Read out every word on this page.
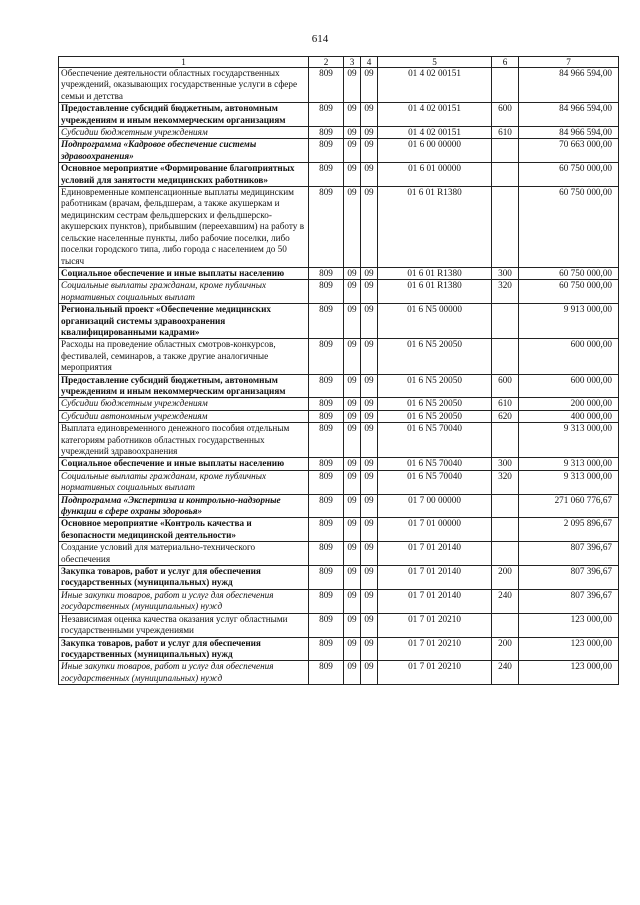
614
1	2	3	4	5	6	7
Обеспечение деятельности областных государственных учреждений, оказывающих государственные услуги в сфере семьи и детства	809	09	09	01 4 02 00151		84 966 594,00
Предоставление субсидий бюджетным, автономным учреждениям и иным некоммерческим организациям	809	09	09	01 4 02 00151	600	84 966 594,00
Субсидии бюджетным учреждениям	809	09	09	01 4 02 00151	610	84 966 594,00
Подпрограмма «Кадровое обеспечение системы здравоохранения»	809	09	09	01 6 00 00000		70 663 000,00
Основное мероприятие «Формирование благоприятных условий для занятости медицинских работников»	809	09	09	01 6 01 00000		60 750 000,00
Единовременные компенсационные выплаты медицинским работникам (врачам, фельдшерам, а также акушеркам и медицинским сестрам фельдшерских и фельдшерско-акушерских пунктов), прибывшим (переехавшим) на работу в сельские населенные пункты, либо рабочие поселки, либо поселки городского типа, либо города с населением до 50 тысяч	809	09	09	01 6 01 R1380		60 750 000,00
Социальное обеспечение и иные выплаты населению	809	09	09	01 6 01 R1380	300	60 750 000,00
Социальные выплаты гражданам, кроме публичных нормативных социальных выплат	809	09	09	01 6 01 R1380	320	60 750 000,00
Региональный проект «Обеспечение медицинских организаций системы здравоохранения квалифицированными кадрами»	809	09	09	01 6 N5 00000		9 913 000,00
Расходы на проведение областных смотров-конкурсов, фестивалей, семинаров, а также другие аналогичные мероприятия	809	09	09	01 6 N5 20050		600 000,00
Предоставление субсидий бюджетным, автономным учреждениям и иным некоммерческим организациям	809	09	09	01 6 N5 20050	600	600 000,00
Субсидии бюджетным учреждениям	809	09	09	01 6 N5 20050	610	200 000,00
Субсидии автономным учреждениям	809	09	09	01 6 N5 20050	620	400 000,00
Выплата единовременного денежного пособия отдельным категориям работников областных государственных учреждений здравоохранения	809	09	09	01 6 N5 70040		9 313 000,00
Социальное обеспечение и иные выплаты населению	809	09	09	01 6 N5 70040	300	9 313 000,00
Социальные выплаты гражданам, кроме публичных нормативных социальных выплат	809	09	09	01 6 N5 70040	320	9 313 000,00
Подпрограмма «Экспертиза и контрольно-надзорные функции в сфере охраны здоровья»	809	09	09	01 7 00 00000		271 060 776,67
Основное мероприятие «Контроль качества и безопасности медицинской деятельности»	809	09	09	01 7 01 00000		2 095 896,67
Создание условий для материально-технического обеспечения	809	09	09	01 7 01 20140		807 396,67
Закупка товаров, работ и услуг для обеспечения государственных (муниципальных) нужд	809	09	09	01 7 01 20140	200	807 396,67
Иные закупки товаров, работ и услуг для обеспечения государственных (муниципальных) нужд	809	09	09	01 7 01 20140	240	807 396,67
Независимая оценка качества оказания услуг областными государственными учреждениями	809	09	09	01 7 01 20210		123 000,00
Закупка товаров, работ и услуг для обеспечения государственных (муниципальных) нужд	809	09	09	01 7 01 20210	200	123 000,00
Иные закупки товаров, работ и услуг для обеспечения государственных (муниципальных) нужд	809	09	09	01 7 01 20210	240	123 000,00
